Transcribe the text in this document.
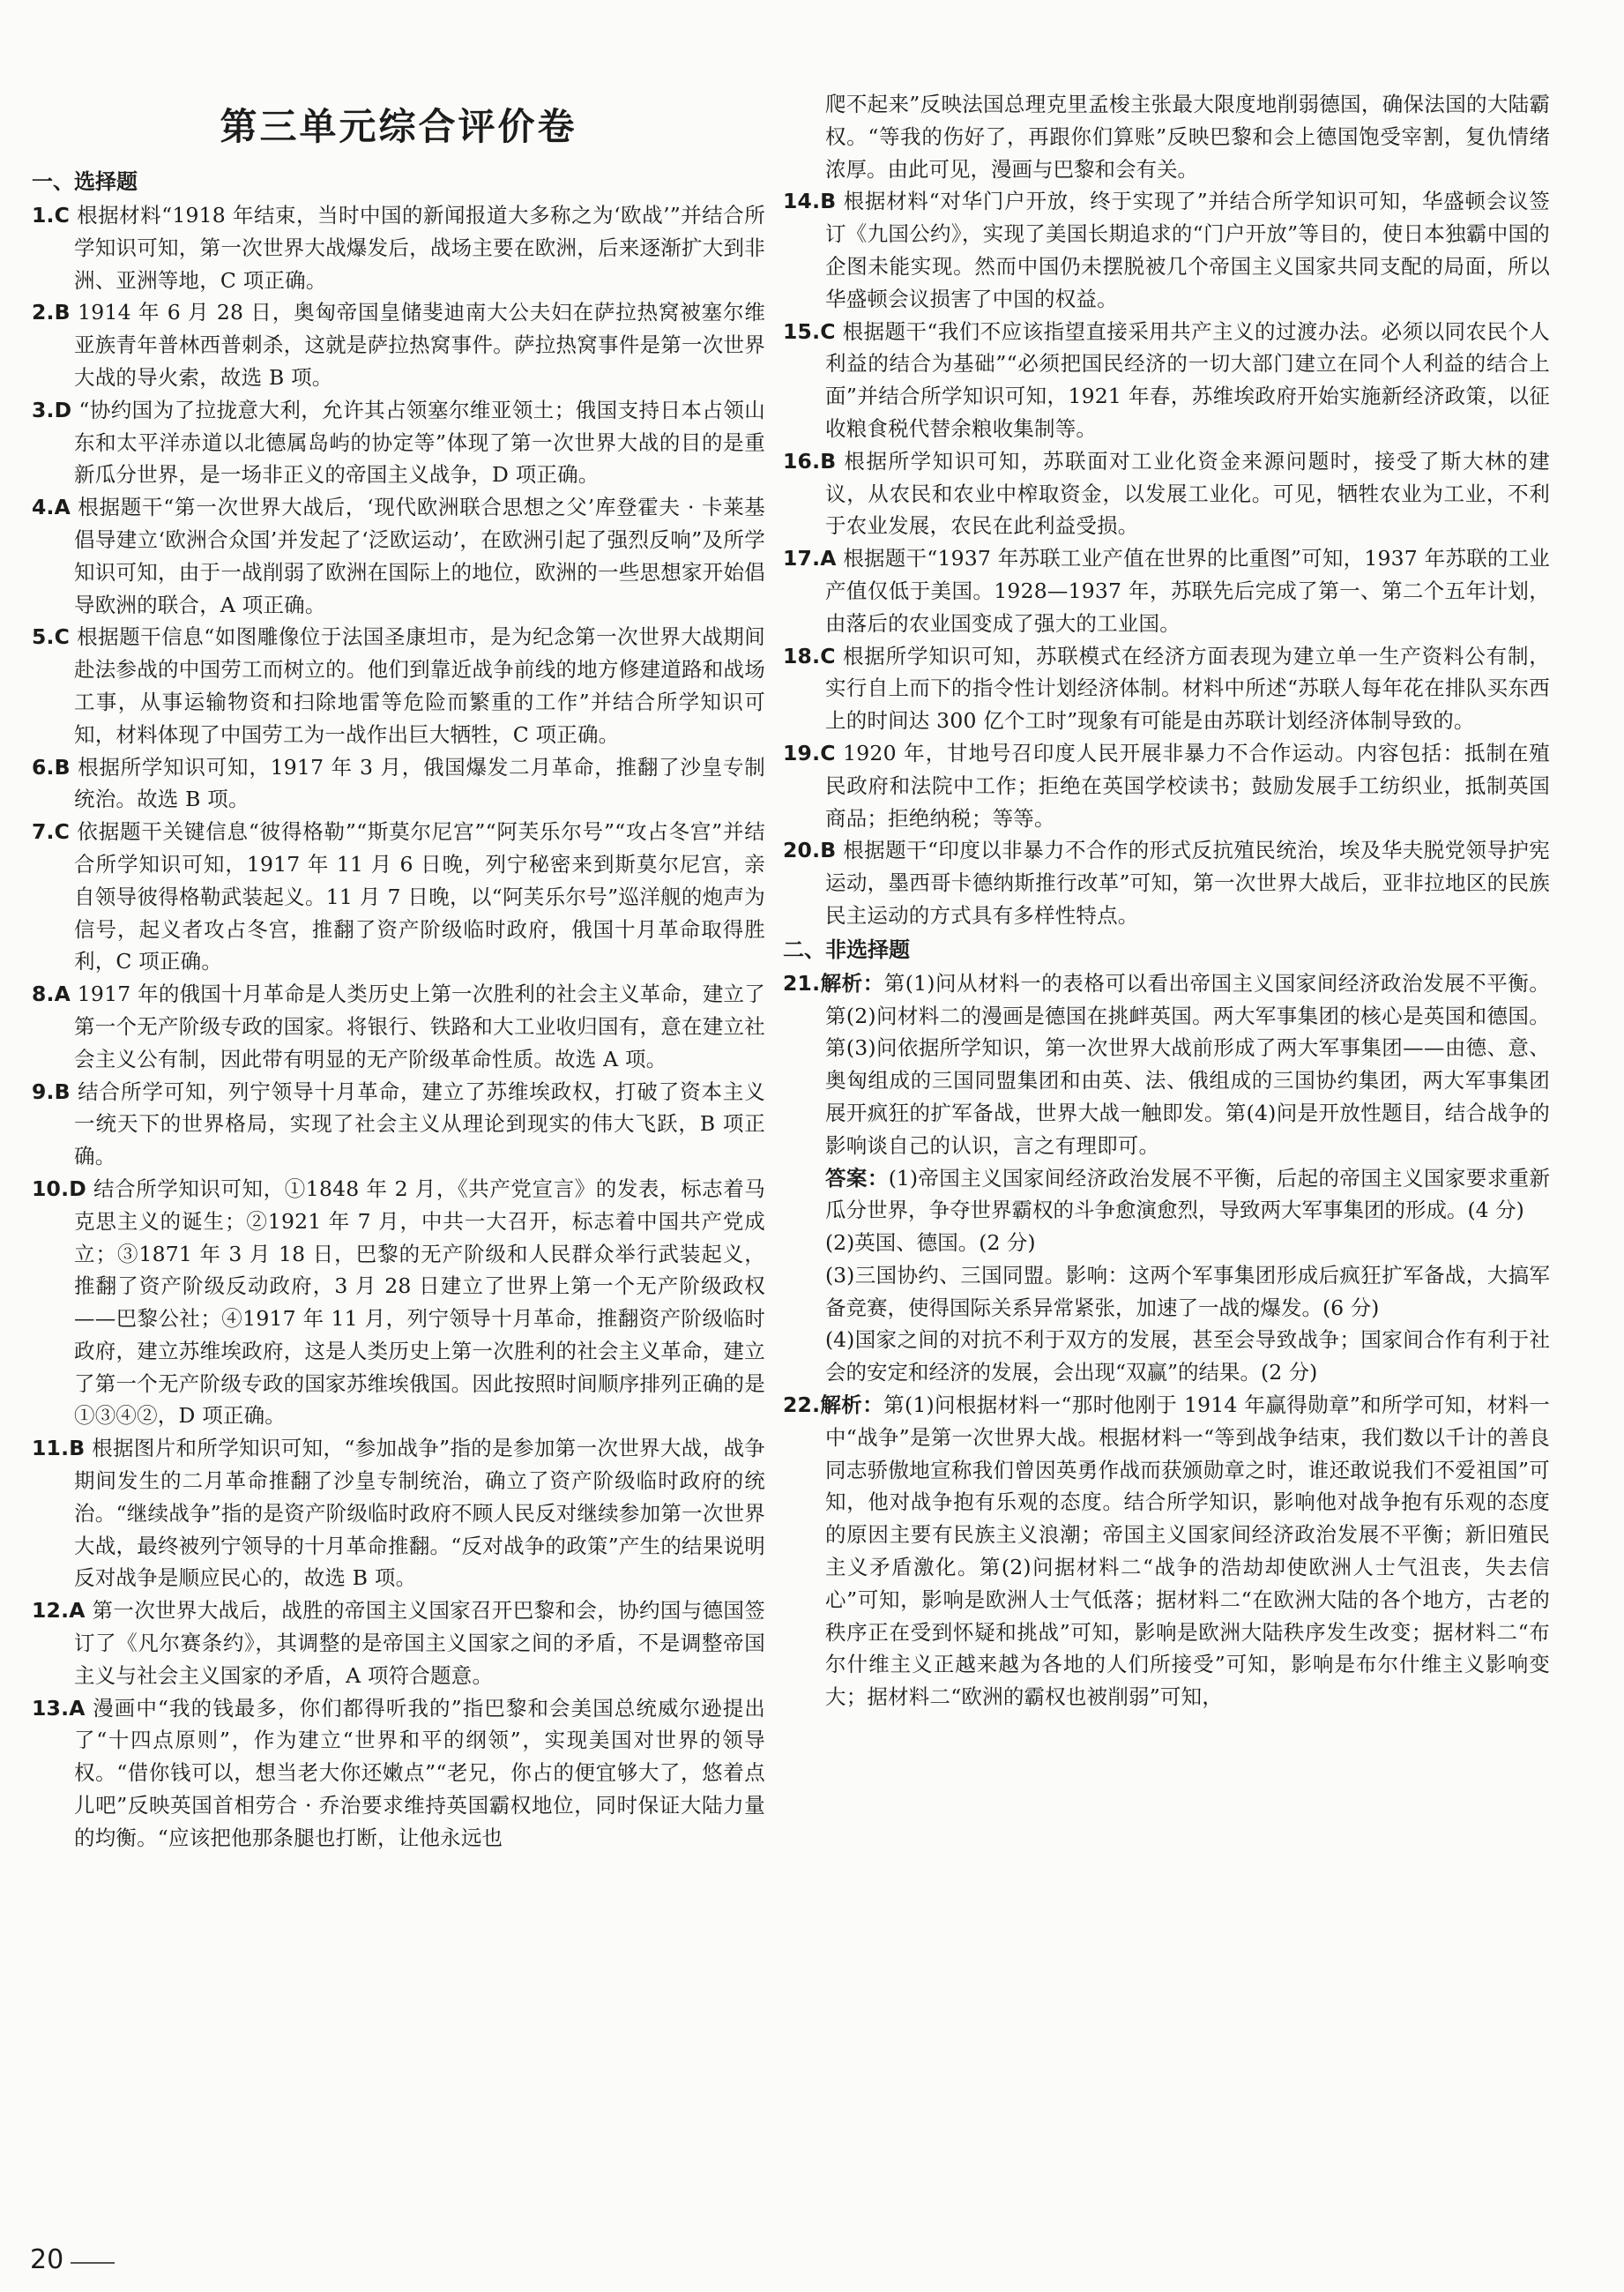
第三单元综合评价卷
一、选择题

1.C 根据材料“1918 年结束，当时中国的新闻报道大多称之为‘欧战’”并结合所学知识可知，第一次世界大战爆发后，战场主要在欧洲，后来逐渐扩大到非洲、亚洲等地，C 项正确。

2.B 1914 年 6 月 28 日，奥匈帝国皇储斐迪南大公夫妇在萨拉热窝被塞尔维亚族青年普林西普刺杀，这就是萨拉热窝事件。萨拉热窝事件是第一次世界大战的导火索，故选 B 项。

3.D “协约国为了拉拢意大利，允许其占领塞尔维亚领土；俄国支持日本占领山东和太平洋赤道以北德属岛屿的协定等”体现了第一次世界大战的目的是重新瓜分世界，是一场非正义的帝国主义战争，D 项正确。

4.A 根据题干“第一次世界大战后，‘现代欧洲联合思想之父’库登霍夫 · 卡莱基倡导建立‘欧洲合众国’并发起了‘泛欧运动’，在欧洲引起了强烈反响”及所学知识可知，由于一战削弱了欧洲在国际上的地位，欧洲的一些思想家开始倡导欧洲的联合，A 项正确。

5.C 根据题干信息“如图雕像位于法国圣康坦市，是为纪念第一次世界大战期间赴法参战的中国劳工而树立的。他们到靠近战争前线的地方修建道路和战场工事，从事运输物资和扫除地雷等危险而繁重的工作”并结合所学知识可知，材料体现了中国劳工为一战作出巨大牺牲，C 项正确。

6.B 根据所学知识可知，1917 年 3 月，俄国爆发二月革命，推翻了沙皇专制统治。故选 B 项。

7.C 依据题干关键信息“彼得格勒”“斯莫尔尼宫”“阿芙乐尔号”“攻占冬宫”并结合所学知识可知，1917 年 11 月 6 日晚，列宁秘密来到斯莫尔尼宫，亲自领导彼得格勒武装起义。11 月 7 日晚，以“阿芙乐尔号”巡洋舰的炮声为信号，起义者攻占冬宫，推翻了资产阶级临时政府，俄国十月革命取得胜利，C 项正确。

8.A 1917 年的俄国十月革命是人类历史上第一次胜利的社会主义革命，建立了第一个无产阶级专政的国家。将银行、铁路和大工业收归国有，意在建立社会主义公有制，因此带有明显的无产阶级革命性质。故选 A 项。

9.B 结合所学可知，列宁领导十月革命，建立了苏维埃政权，打破了资本主义一统天下的世界格局，实现了社会主义从理论到现实的伟大飞跃，B 项正确。

10.D 结合所学知识可知，①1848 年 2 月，《共产党宣言》的发表，标志着马克思主义的诞生；②1921 年 7 月，中共一大召开，标志着中国共产党成立；③1871 年 3 月 18 日，巴黎的无产阶级和人民群众举行武装起义，推翻了资产阶级反动政府，3 月 28 日建立了世界上第一个无产阶级政权——巴黎公社；④1917 年 11 月，列宁领导十月革命，推翻资产阶级临时政府，建立苏维埃政府，这是人类历史上第一次胜利的社会主义革命，建立了第一个无产阶级专政的国家苏维埃俄国。因此按照时间顺序排列正确的是①③④②，D 项正确。

11.B 根据图片和所学知识可知，“参加战争”指的是参加第一次世界大战，战争期间发生的二月革命推翻了沙皇专制统治，确立了资产阶级临时政府的统治。“继续战争”指的是资产阶级临时政府不顾人民反对继续参加第一次世界大战，最终被列宁领导的十月革命推翻。“反对战争的政策”产生的结果说明反对战争是顺应民心的，故选 B 项。

12.A 第一次世界大战后，战胜的帝国主义国家召开巴黎和会，协约国与德国签订了《凡尔赛条约》，其调整的是帝国主义国家之间的矛盾，不是调整帝国主义与社会主义国家的矛盾，A 项符合题意。

13.A 漫画中“我的钱最多，你们都得听我的”指巴黎和会美国总统威尔逊提出了“十四点原则”，作为建立“世界和平的纲领”，实现美国对世界的领导权。“借你钱可以，想当老大你还嫩点”“老兄，你占的便宜够大了，悠着点儿吧”反映英国首相劳合 · 乔治要求维持英国霸权地位，同时保证大陆力量的均衡。“应该把他那条腿也打断，让他永远也

爬不起来”反映法国总理克里孟梭主张最大限度地削弱德国，确保法国的大陆霸权。“等我的伤好了，再跟你们算账”反映巴黎和会上德国饱受宰割，复仇情绪浓厚。由此可见，漫画与巴黎和会有关。

14.B 根据材料“对华门户开放，终于实现了”并结合所学知识可知，华盛顿会议签订《九国公约》，实现了美国长期追求的“门户开放”等目的，使日本独霸中国的企图未能实现。然而中国仍未摆脱被几个帝国主义国家共同支配的局面，所以华盛顿会议损害了中国的权益。

15.C 根据题干“我们不应该指望直接采用共产主义的过渡办法。必须以同农民个人利益的结合为基础”“必须把国民经济的一切大部门建立在同个人利益的结合上面”并结合所学知识可知，1921 年春，苏维埃政府开始实施新经济政策，以征收粮食税代替余粮收集制等。

16.B 根据所学知识可知，苏联面对工业化资金来源问题时，接受了斯大林的建议，从农民和农业中榨取资金，以发展工业化。可见，牺牲农业为工业，不利于农业发展，农民在此利益受损。

17.A 根据题干“1937 年苏联工业产值在世界的比重图”可知，1937 年苏联的工业产值仅低于美国。1928—1937 年，苏联先后完成了第一、第二个五年计划，由落后的农业国变成了强大的工业国。

18.C 根据所学知识可知，苏联模式在经济方面表现为建立单一生产资料公有制，实行自上而下的指令性计划经济体制。材料中所述“苏联人每年花在排队买东西上的时间达 300 亿个工时”现象有可能是由苏联计划经济体制导致的。

19.C 1920 年，甘地号召印度人民开展非暴力不合作运动。内容包括：抵制在殖民政府和法院中工作；拒绝在英国学校读书；鼓励发展手工纺织业，抵制英国商品；拒绝纳税；等等。

20.B 根据题干“印度以非暴力不合作的形式反抗殖民统治，埃及华夫脱党领导护宪运动，墨西哥卡德纳斯推行改革”可知，第一次世界大战后，亚非拉地区的民族民主运动的方式具有多样性特点。

二、非选择题

21.解析：第(1)问从材料一的表格可以看出帝国主义国家间经济政治发展不平衡。第(2)问材料二的漫画是德国在挑衅英国。两大军事集团的核心是英国和德国。第(3)问依据所学知识，第一次世界大战前形成了两大军事集团——由德、意、奥匈组成的三国同盟集团和由英、法、俄组成的三国协约集团，两大军事集团展开疯狂的扩军备战，世界大战一触即发。第(4)问是开放性题目，结合战争的影响谈自己的认识，言之有理即可。

答案：(1)帝国主义国家间经济政治发展不平衡，后起的帝国主义国家要求重新瓜分世界，争夺世界霸权的斗争愈演愈烈，导致两大军事集团的形成。(4 分)

(2)英国、德国。(2 分)

(3)三国协约、三国同盟。影响：这两个军事集团形成后疯狂扩军备战，大搞军备竞赛，使得国际关系异常紧张，加速了一战的爆发。(6 分)

(4)国家之间的对抗不利于双方的发展，甚至会导致战争；国家间合作有利于社会的安定和经济的发展，会出现“双赢”的结果。(2 分)

22.解析：第(1)问根据材料一“那时他刚于 1914 年赢得勋章”和所学可知，材料一中“战争”是第一次世界大战。根据材料一“等到战争结束，我们数以千计的善良同志骄傲地宣称我们曾因英勇作战而获颁勋章之时，谁还敢说我们不爱祖国”可知，他对战争抱有乐观的态度。结合所学知识，影响他对战争抱有乐观的态度的原因主要有民族主义浪潮；帝国主义国家间经济政治发展不平衡；新旧殖民主义矛盾激化。第(2)问据材料二“战争的浩劫却使欧洲人士气沮丧，失去信心”可知，影响是欧洲人士气低落；据材料二“在欧洲大陆的各个地方，古老的秩序正在受到怀疑和挑战”可知，影响是欧洲大陆秩序发生改变；据材料二“布尔什维主义正越来越为各地的人们所接受”可知，影响是布尔什维主义影响变大；据材料二“欧洲的霸权也被削弱”可知，

20
